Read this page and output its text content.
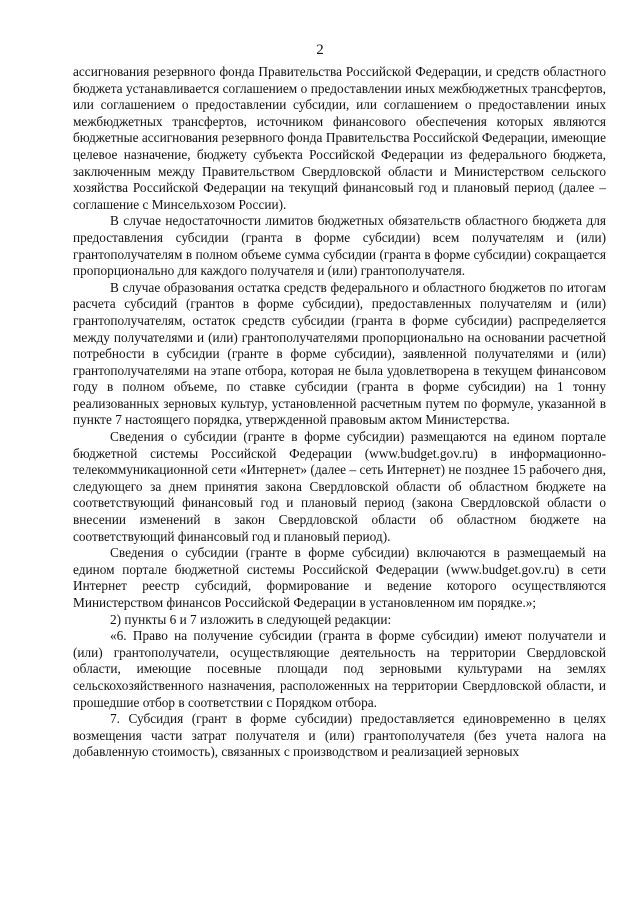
2

ассигнования резервного фонда Правительства Российской Федерации, и средств областного бюджета устанавливается соглашением о предоставлении иных межбюджетных трансфертов, или соглашением о предоставлении субсидии, или соглашением о предоставлении иных межбюджетных трансфертов, источником финансового обеспечения которых являются бюджетные ассигнования резервного фонда Правительства Российской Федерации, имеющие целевое назначение, бюджету субъекта Российской Федерации из федерального бюджета, заключенным между Правительством Свердловской области и Министерством сельского хозяйства Российской Федерации на текущий финансовый год и плановый период (далее – соглашение с Минсельхозом России).

В случае недостаточности лимитов бюджетных обязательств областного бюджета для предоставления субсидии (гранта в форме субсидии) всем получателям и (или) грантополучателям в полном объеме сумма субсидии (гранта в форме субсидии) сокращается пропорционально для каждого получателя и (или) грантополучателя.

В случае образования остатка средств федерального и областного бюджетов по итогам расчета субсидий (грантов в форме субсидии), предоставленных получателям и (или) грантополучателям, остаток средств субсидии (гранта в форме субсидии) распределяется между получателями и (или) грантополучателями пропорционально на основании расчетной потребности в субсидии (гранте в форме субсидии), заявленной получателями и (или) грантополучателями на этапе отбора, которая не была удовлетворена в текущем финансовом году в полном объеме, по ставке субсидии (гранта в форме субсидии) на 1 тонну реализованных зерновых культур, установленной расчетным путем по формуле, указанной в пункте 7 настоящего порядка, утвержденной правовым актом Министерства.

Сведения о субсидии (гранте в форме субсидии) размещаются на едином портале бюджетной системы Российской Федерации (www.budget.gov.ru) в информационно-телекоммуникационной сети «Интернет» (далее – сеть Интернет) не позднее 15 рабочего дня, следующего за днем принятия закона Свердловской области об областном бюджете на соответствующий финансовый год и плановый период (закона Свердловской области о внесении изменений в закон Свердловской области об областном бюджете на соответствующий финансовый год и плановый период).

Сведения о субсидии (гранте в форме субсидии) включаются в размещаемый на едином портале бюджетной системы Российской Федерации (www.budget.gov.ru) в сети Интернет реестр субсидий, формирование и ведение которого осуществляются Министерством финансов Российской Федерации в установленном им порядке.»;

2) пункты 6 и 7 изложить в следующей редакции:

«6. Право на получение субсидии (гранта в форме субсидии) имеют получатели и (или) грантополучатели, осуществляющие деятельность на территории Свердловской области, имеющие посевные площади под зерновыми культурами на землях сельскохозяйственного назначения, расположенных на территории Свердловской области, и прошедшие отбор в соответствии с Порядком отбора.

7. Субсидия (грант в форме субсидии) предоставляется единовременно в целях возмещения части затрат получателя и (или) грантополучателя (без учета налога на добавленную стоимость), связанных с производством и реализацией зерновых
